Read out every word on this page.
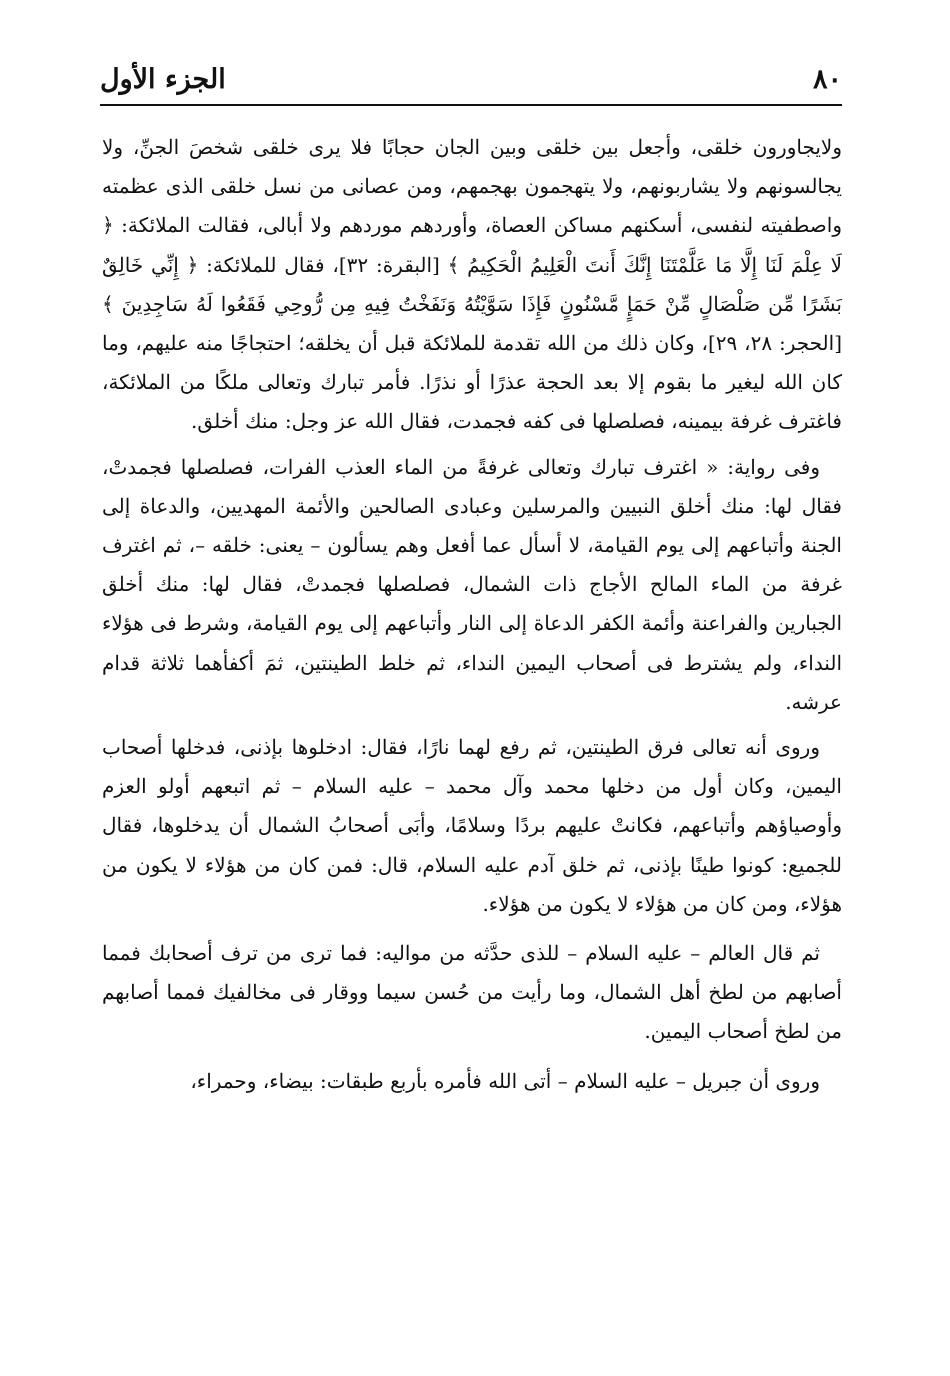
٨٠
الجزء الأول

ولايجاورون خلقى، وأجعل بين خلقى وبين الجان حجابًا فلا يرى خلقى شخصَ الجنِّ، ولا يجالسونهم ولا يشاربونهم، ولا يتهجمون بهجمهم، ومن عصانى من نسل خلقى الذى عظمته واصطفيته لنفسى، أسكنهم مساكن العصاة، وأوردهم موردهم ولا أبالى، فقالت الملائكة: ﴿ لَا عِلْمَ لَنَا إِلَّا مَا عَلَّمْتَنَا إِنَّكَ أَنتَ الْعَلِيمُ الْحَكِيمُ ﴾ [البقرة: ٣٢]، فقال للملائكة: ﴿ إِنِّي خَالِقٌ بَشَرًا مِّن صَلْصَالٍ مِّنْ حَمَإٍ مَّسْنُونٍ فَإِذَا سَوَّيْتُهُ وَنَفَخْتُ فِيهِ مِن رُّوحِي فَقَعُوا لَهُ سَاجِدِينَ ﴾ [الحجر: ٢٨، ٢٩]، وكان ذلك من الله تقدمة للملائكة قبل أن يخلقه؛ احتجاجًا منه عليهم، وما كان الله ليغير ما بقوم إلا بعد الحجة عذرًا أو نذرًا. فأمر تبارك وتعالى ملكًا من الملائكة، فاغترف غرفة بيمينه، فصلصلها فى كفه فجمدت، فقال الله عز وجل: منك أخلق.

وفى رواية: « اغترف تبارك وتعالى غرفةً من الماء العذب الفرات، فصلصلها فجمدتْ، فقال لها: منك أخلق النبيين والمرسلين وعبادى الصالحين والأئمة المهديين، والدعاة إلى الجنة وأتباعهم إلى يوم القيامة، لا أسأل عما أفعل وهم يسألون – يعنى: خلقه –، ثم اغترف غرفة من الماء المالح الأجاج ذات الشمال، فصلصلها فجمدتْ، فقال لها: منك أخلق الجبارين والفراعنة وأئمة الكفر الدعاة إلى النار وأتباعهم إلى يوم القيامة، وشرط فى هؤلاء النداء، ولم يشترط فى أصحاب اليمين النداء، ثم خلط الطينتين، ثمَ أكفأهما ثلاثة قدام عرشه.

وروى أنه تعالى فرق الطينتين، ثم رفع لهما نارًا، فقال: ادخلوها بإذنى، فدخلها أصحاب اليمين، وكان أول من دخلها محمد وآل محمد – عليه السلام – ثم اتبعهم أولو العزم وأوصياؤهم وأتباعهم، فكانتْ عليهم بردًا وسلامًا، وأبَى أصحابُ الشمال أن يدخلوها، فقال للجميع: كونوا طينًا بإذنى، ثم خلق آدم عليه السلام، قال: فمن كان من هؤلاء لا يكون من هؤلاء، ومن كان من هؤلاء لا يكون من هؤلاء.

ثم قال العالم – عليه السلام – للذى حدَّثه من مواليه: فما ترى من ترف أصحابك فمما أصابهم من لطخ أهل الشمال، وما رأيت من حُسن سيما ووقار فى مخالفيك فمما أصابهم من لطخ أصحاب اليمين.

وروى أن جبريل – عليه السلام – أتى الله فأمره بأربع طبقات: بيضاء، وحمراء،
